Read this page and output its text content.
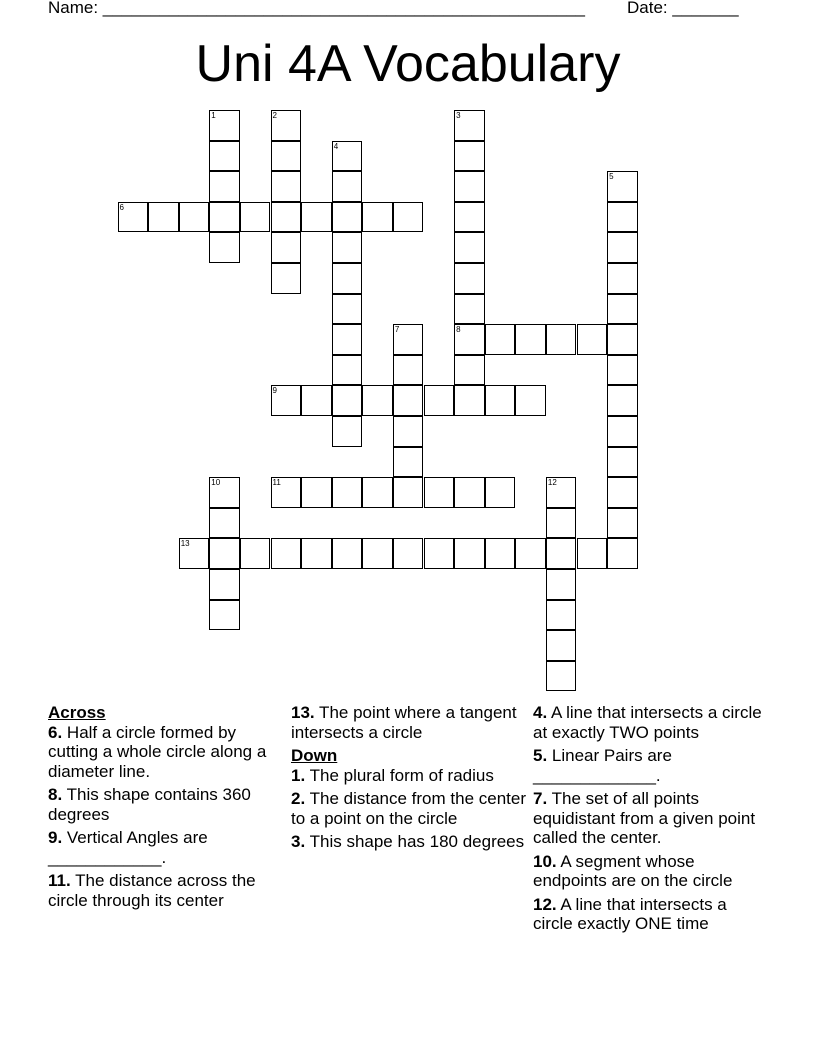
Name: ___________________________________________________ Date: _______
Uni 4A Vocabulary
1	2	3
4
5
6
7	8
9
10	11	12
13
Across
6. Half a circle formed by cutting a whole circle along a diameter line.
8. This shape contains 360 degrees
9. Vertical Angles are ____________.
11. The distance across the circle through its center
13. The point where a tangent intersects a circle
Down
1. The plural form of radius
2. The distance from the center to a point on the circle
3. This shape has 180 degrees
4. A line that intersects a circle at exactly TWO points
5. Linear Pairs are _____________.
7. The set of all points equidistant from a given point called the center.
10. A segment whose endpoints are on the circle
12. A line that intersects a circle exactly ONE time
